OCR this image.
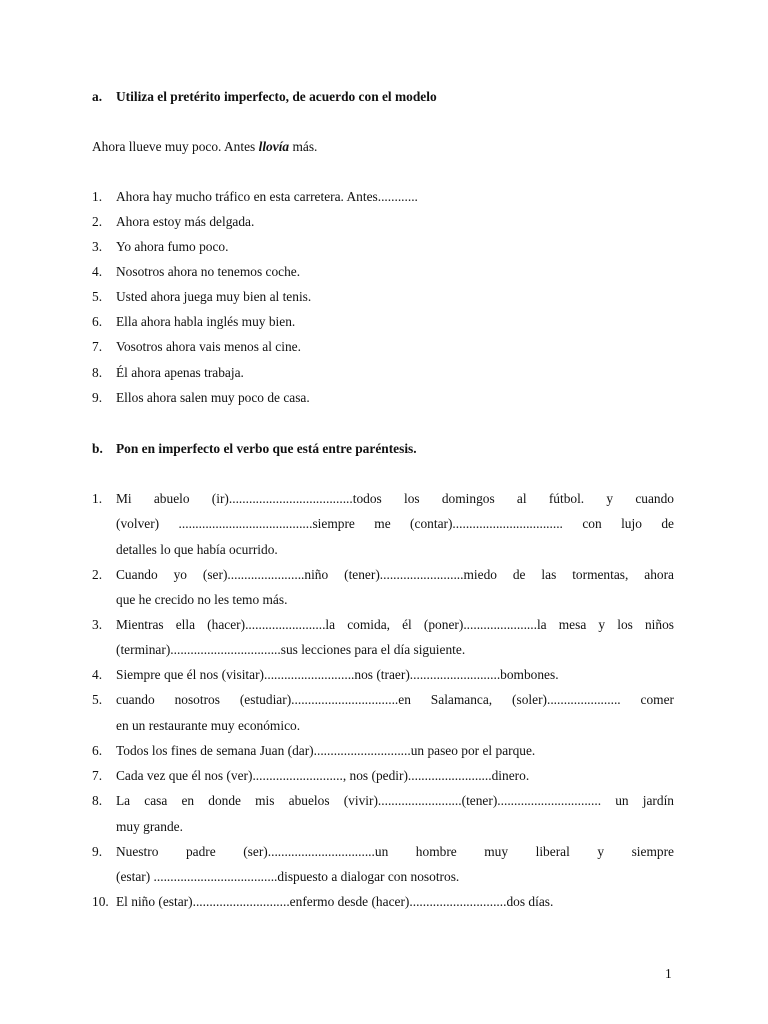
a.	Utiliza el pretérito imperfecto, de acuerdo con el modelo
Ahora llueve muy poco. Antes llovía más.
1.	Ahora hay mucho tráfico en esta carretera. Antes............
2.	Ahora estoy más delgada.
3.	Yo ahora fumo poco.
4.	Nosotros ahora no tenemos coche.
5.	Usted ahora juega muy bien al tenis.
6.	Ella ahora habla inglés muy bien.
7.	Vosotros ahora vais menos al cine.
8.	Él ahora apenas trabaja.
9.	Ellos ahora salen muy poco de casa.
b. Pon en imperfecto el verbo que está entre paréntesis.
1.	Mi abuelo (ir).....................................todos los domingos al fútbol. y cuando
(volver) ........................................siempre me (contar)................................. con lujo de
detalles lo que había ocurrido.
2.	Cuando yo (ser).......................niño (tener).........................miedo de las tormentas, ahora
que he crecido no les temo más.
3.	Mientras ella (hacer)........................la comida, él (poner)......................la mesa y los niños
(terminar).................................sus lecciones para el día siguiente.
4.	Siempre que él nos (visitar)...........................nos (traer)...........................bombones.
5.	cuando nosotros (estudiar)................................en Salamanca, (soler)...................... comer
en un restaurante muy económico.
6.	Todos los fines de semana Juan (dar).............................un paseo por el parque.
7.	Cada vez que él nos (ver)..........................., nos (pedir).........................dinero.
8.	La casa en donde mis abuelos (vivir).........................(tener)............................... un jardín
muy grande.
9.	Nuestro padre (ser)................................un hombre muy liberal y siempre
(estar) .....................................dispuesto a dialogar con nosotros.
10. El niño (estar).............................enfermo desde (hacer).............................dos días.
1
